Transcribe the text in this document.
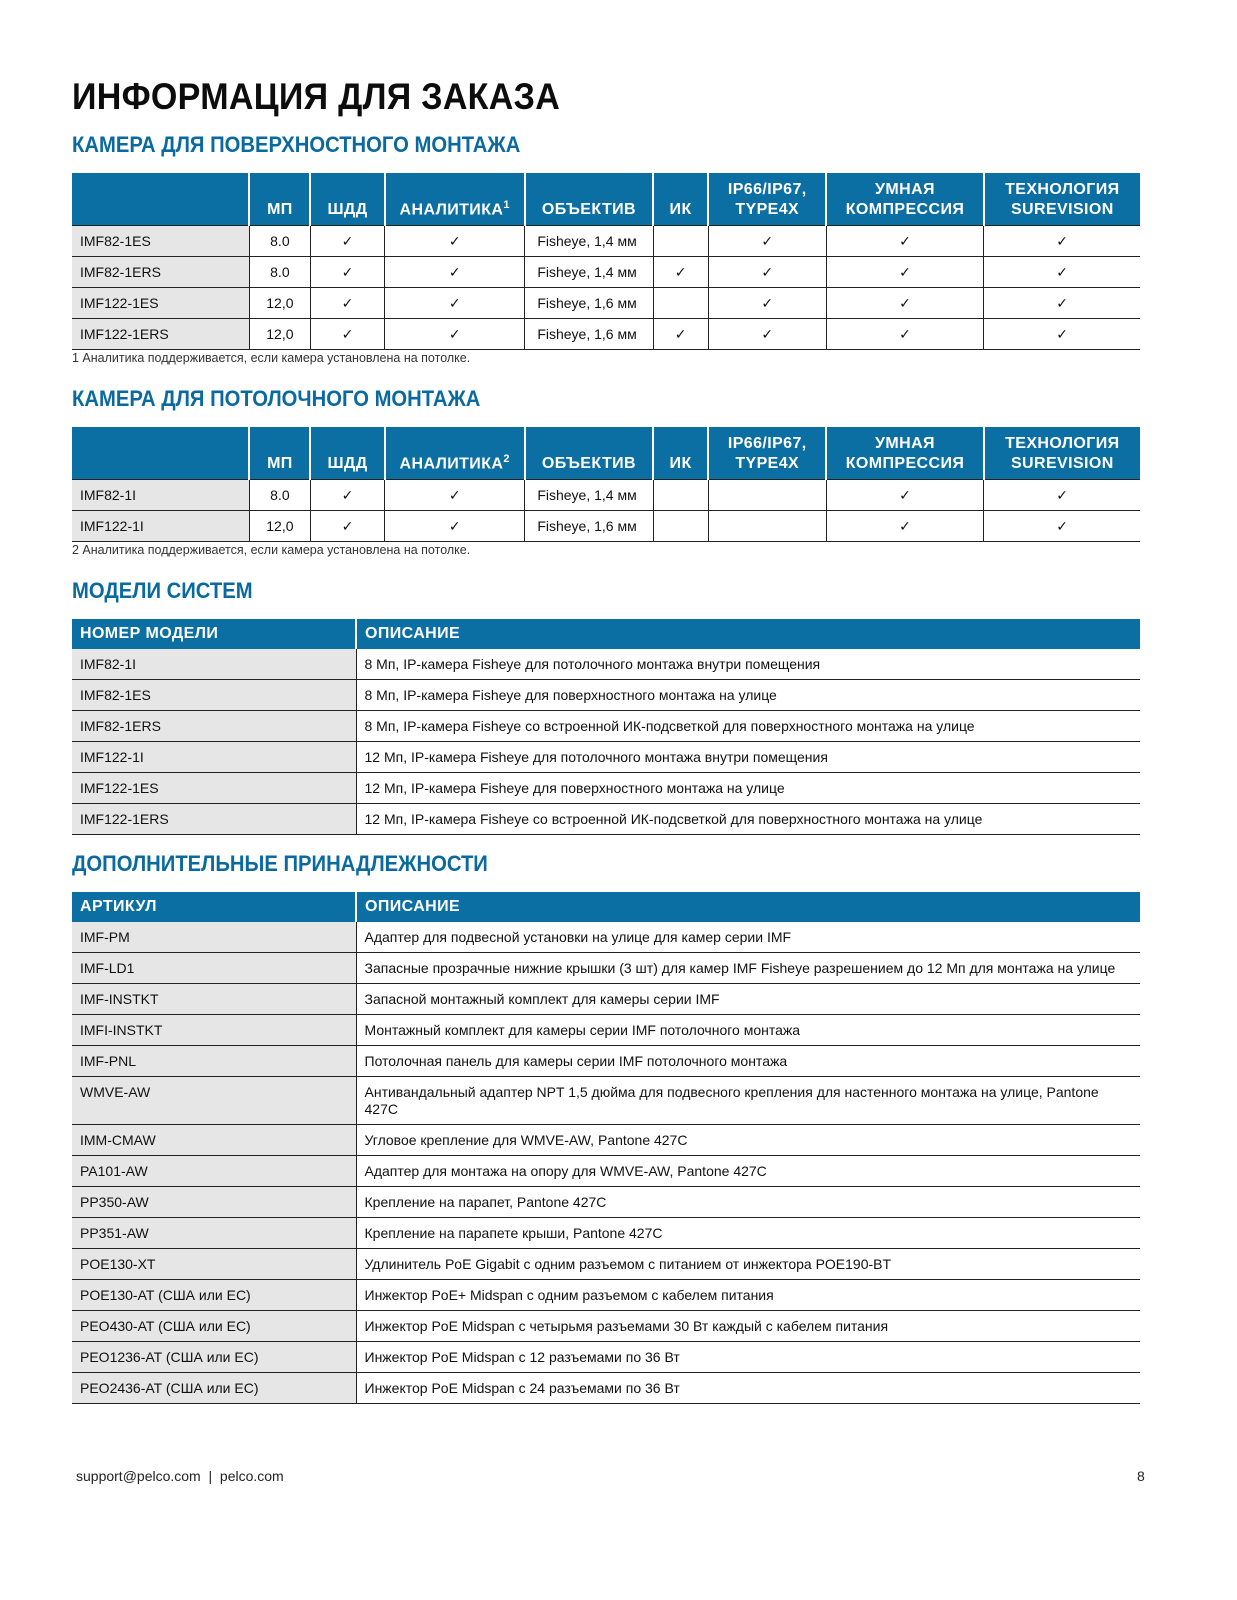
ИНФОРМАЦИЯ ДЛЯ ЗАКАЗА
КАМЕРА ДЛЯ ПОВЕРХНОСТНОГО МОНТАЖА
	МП	ШДД	АНАЛИТИКА$^1$	ОБЪЕКТИВ	ИК	IP66/IP67, TYPE4X	УМНАЯ КОМПРЕССИЯ	ТЕХНОЛОГИЯ SUREVISION
IMF82-1ES	8.0	✓	✓	Fisheye, 1,4 мм		✓	✓	✓
IMF82-1ERS	8.0	✓	✓	Fisheye, 1,4 мм	✓	✓	✓	✓
IMF122-1ES	12,0	✓	✓	Fisheye, 1,6 мм		✓	✓	✓
IMF122-1ERS	12,0	✓	✓	Fisheye, 1,6 мм	✓	✓	✓	✓
1 Аналитика поддерживается, если камера установлена на потолке.
КАМЕРА ДЛЯ ПОТОЛОЧНОГО МОНТАЖА
	МП	ШДД	АНАЛИТИКА$^2$	ОБЪЕКТИВ	ИК	IP66/IP67, TYPE4X	УМНАЯ КОМПРЕССИЯ	ТЕХНОЛОГИЯ SUREVISION
IMF82-1I	8.0	✓	✓	Fisheye, 1,4 мм			✓	✓
IMF122-1I	12,0	✓	✓	Fisheye, 1,6 мм			✓	✓
2 Аналитика поддерживается, если камера установлена на потолке.
МОДЕЛИ СИСТЕМ
НОМЕР МОДЕЛИ	ОПИСАНИЕ
IMF82-1I	8 Мп, IP-камера Fisheye для потолочного монтажа внутри помещения
IMF82-1ES	8 Мп, IP-камера Fisheye для поверхностного монтажа на улице
IMF82-1ERS	8 Мп, IP-камера Fisheye со встроенной ИК-подсветкой для поверхностного монтажа на улице
IMF122-1I	12 Мп, IP-камера Fisheye для потолочного монтажа внутри помещения
IMF122-1ES	12 Мп, IP-камера Fisheye для поверхностного монтажа на улице
IMF122-1ERS	12 Мп, IP-камера Fisheye со встроенной ИК-подсветкой для поверхностного монтажа на улице
ДОПОЛНИТЕЛЬНЫЕ ПРИНАДЛЕЖНОСТИ
АРТИКУЛ	ОПИСАНИЕ
IMF-PM	Адаптер для подвесной установки на улице для камер серии IMF
IMF-LD1	Запасные прозрачные нижние крышки (3 шт) для камер IMF Fisheye разрешением до 12 Мп для монтажа на улице
IMF-INSTKT	Запасной монтажный комплект для камеры серии IMF
IMFI-INSTKT	Монтажный комплект для камеры серии IMF потолочного монтажа
IMF-PNL	Потолочная панель для камеры серии IMF потолочного монтажа
WMVE-AW	Антивандальный адаптер NPT 1,5 дюйма для подвесного крепления для настенного монтажа на улице, Pantone 427C
IMM-CMAW	Угловое крепление для WMVE-AW, Pantone 427C
PA101-AW	Адаптер для монтажа на опору для WMVE-AW, Pantone 427C
PP350-AW	Крепление на парапет, Pantone 427C
PP351-AW	Крепление на парапете крыши, Pantone 427C
POE130-XT	Удлинитель PoE Gigabit с одним разъемом с питанием от инжектора POE190-BT
POE130-AT (США или ЕС)	Инжектор PoE+ Midspan с одним разъемом с кабелем питания
PEO430-AT (США или ЕС)	Инжектор PoE Midspan с четырьмя разъемами 30 Вт каждый с кабелем питания
PEO1236-AT (США или ЕС)	Инжектор PoE Midspan с 12 разъемами по 36 Вт
PEO2436-AT (США или ЕС)	Инжектор PoE Midspan с 24 разъемами по 36 Вт
support@pelco.com  |  pelco.com	8
